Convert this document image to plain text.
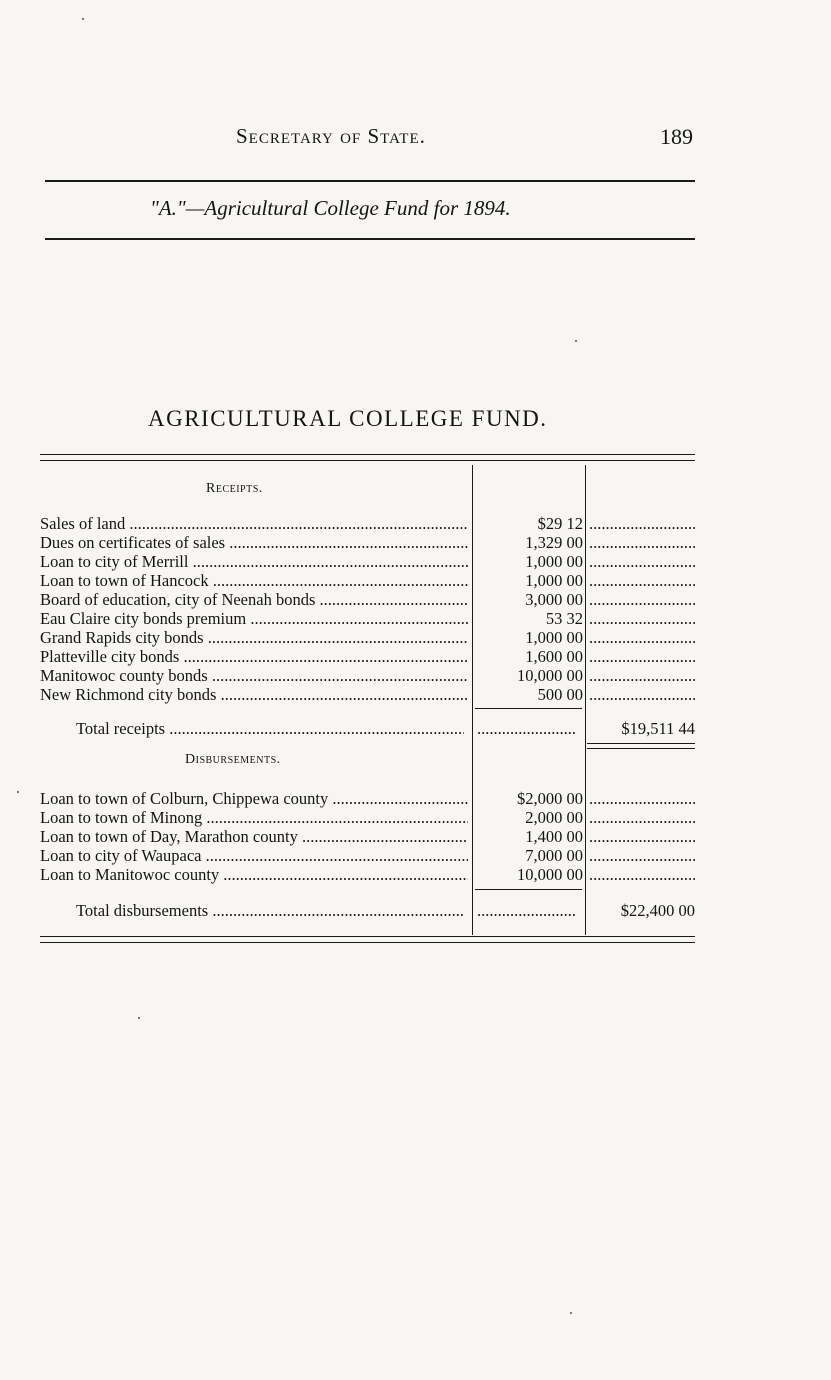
Secretary of State.	189
"A."—Agricultural College Fund for 1894.
AGRICULTURAL COLLEGE FUND.
Receipts.
Sales of land .....	$29 12
.....
Dues on certificates of sales .....	1,329 00
.....
Loan to city of Merrill .....	1,000 00
.....
Loan to town of Hancock .....	1,000 00
.....
Board of education, city of Neenah bonds .....	3,000 00
.....
Eau Claire city bonds premium .....	53 32
.....
Grand Rapids city bonds .....	1,000 00
.....
Platteville city bonds .....	1,600 00
.....
Manitowoc county bonds .....	10,000 00
.....
New Richmond city bonds .....	500 00
.....
Total receipts ..... .....	$19,511 44
Disbursements.
Loan to town of Colburn, Chippewa county .....	$2,000 00
.....
Loan to town of Minong .....	2,000 00
.....
Loan to town of Day, Marathon county .....	1,400 00
.....
Loan to city of Waupaca .....	7,000 00
.....
Loan to Manitowoc county .....	10,000 00
.....
Total disbursements ..... .....	$22,400 00
